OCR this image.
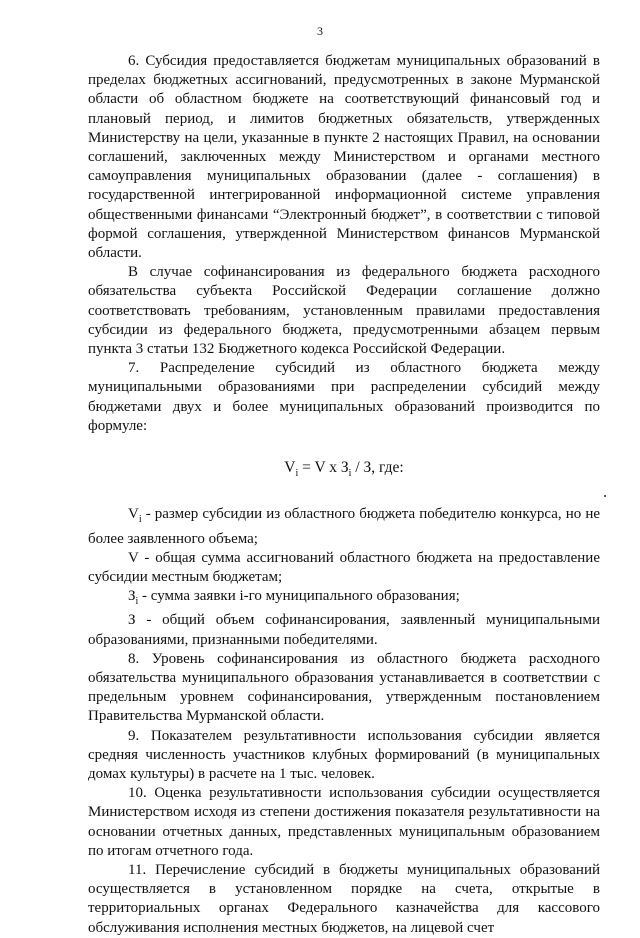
3

6. Субсидия предоставляется бюджетам муниципальных образований в пределах бюджетных ассигнований, предусмотренных в законе Мурманской области об областном бюджете на соответствующий финансовый год и плановый период, и лимитов бюджетных обязательств, утвержденных Министерству на цели, указанные в пункте 2 настоящих Правил, на основании соглашений, заключенных между Министерством и органами местного самоуправления муниципальных образовании (далее - соглашения) в государственной интегрированной информационной системе управления общественными финансами “Электронный бюджет”, в соответствии с типовой формой соглашения, утвержденной Министерством финансов Мурманской области.

В случае софинансирования из федерального бюджета расходного обязательства субъекта Российской Федерации соглашение должно соответствовать требованиям, установленным правилами предоставления субсидии из федерального бюджета, предусмотренными абзацем первым пункта 3 статьи 132 Бюджетного кодекса Российской Федерации.

7. Распределение субсидий из областного бюджета между муниципальными образованиями при распределении субсидий между бюджетами двух и более муниципальных образований производится по формуле:

$V_i = V$ x $З_i$ / З, где:

$V_i$ - размер субсидии из областного бюджета победителю конкурса, но не более заявленного объема;

V - общая сумма ассигнований областного бюджета на предоставление субсидии местным бюджетам;

$З_i$ - сумма заявки i-го муниципального образования;

З - общий объем софинансирования, заявленный муниципальными образованиями, признанными победителями.

8. Уровень софинансирования из областного бюджета расходного обязательства муниципального образования устанавливается в соответствии с предельным уровнем софинансирования, утвержденным постановлением Правительства Мурманской области.

9. Показателем результативности использования субсидии является средняя численность участников клубных формирований (в муниципальных домах культуры) в расчете на 1 тыс. человек.

10. Оценка результативности использования субсидии осуществляется Министерством исходя из степени достижения показателя результативности на основании отчетных данных, представленных муниципальным образованием по итогам отчетного года.

11. Перечисление субсидий в бюджеты муниципальных образований осуществляется в установленном порядке на счета, открытые в территориальных органах Федерального казначейства для кассового обслуживания исполнения местных бюджетов, на лицевой счет
